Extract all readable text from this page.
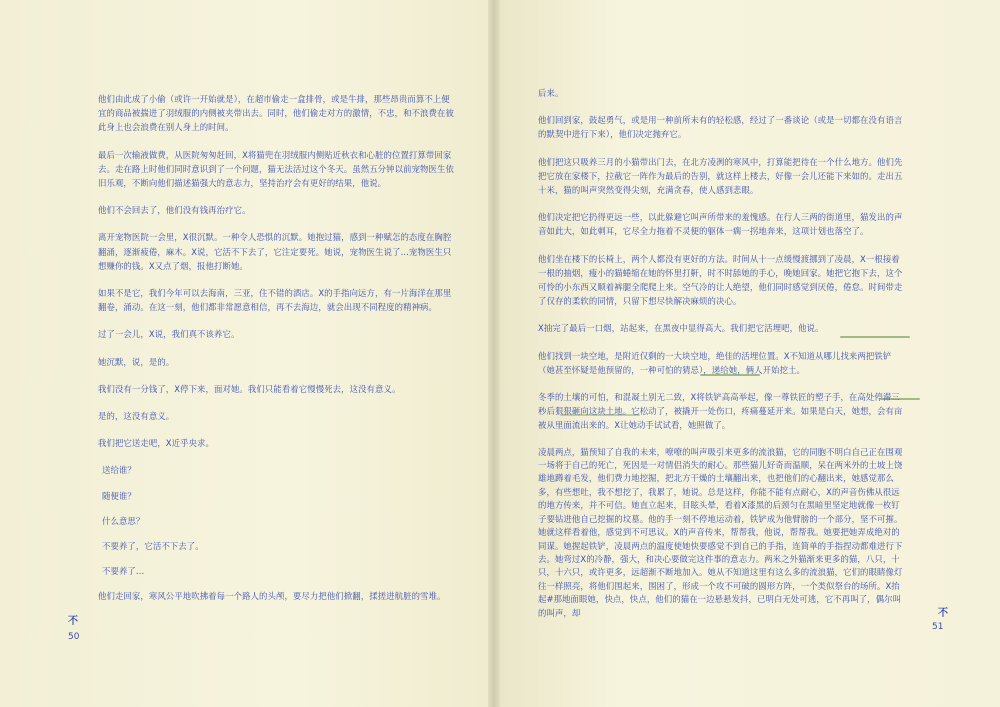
他们由此成了小偷（或许一开始就是），在超市偷走一盒排骨，或是牛排，那些昂贵而算不上便宜的商品被揣进了羽绒服的内侧被夹带出去。同时，他们偷走对方的激情，不忠，和不浪费在彼此身上也会浪费在别人身上的时间。

最后一次输液做费，从医院匆匆赶回，X将猫兜在羽绒服内侧贴近秋衣和心脏的位置打算带回家去。走在路上时他们同时意识到了一个问题，猫无法活过这个冬天。虽然五分钟以前宠物医生依旧乐观，不断向他们描述猫强大的意志力，坚持治疗会有更好的结果，他说。

他们不会回去了，他们没有钱再治疗它。

离开宠物医院一会里，X很沉默。一种令人恐惧的沉默。她抱过猫，感到一种赋怎的态度在胸腔翻涌，逐渐疲倦，麻木。X说，它活不下去了，它注定要死。她说，宠物医生说了…宠物医生只想赚你的钱。X又点了烟，报他打断她。

如果不是它，我们今年可以去海南，三亚，住不错的酒店。X的手指向远方，有一片海洋在那里翻卷，涌动。在这一刻，他们都非常愿意相信，再不去海边，就会出现不同程度的精神病。

过了一会儿，X说，我们真不该养它。

她沉默，说，是的。

我们没有一分钱了，X停下来，面对她。我们只能看着它慢慢死去，这没有意义。

是的，这没有意义。

我们把它送走吧，X近乎央求。

送给谁？

随便谁？

什么意思？

不要养了，它活不下去了。

不要养了…

他们走回家，寒风公平地吹拂着每一个路人的头颅，要尽力把他们掀翻，揉搓进航脏的雪堆。

不
50

后来。

他们回到家，鼓起勇气，或是用一种前所未有的轻松感，经过了一番谈论（或是一切都在没有语言的默契中进行下来），他们决定抛弃它。

他们把这只吸养三月的小猫带出门去，在北方凌冽的寒风中，打算能把待在一个什么地方。他们先把它放在家楼下，拉截它一阵作为最后的告别，就这样上楼去，好像一会儿还能下来如的。走出五十米，猫的叫声突然变得尖刻，充满贪春，使人感到悲眼。

他们决定把它扔得更远一些，以此躲避它叫声所带来的羞愧感。在行人三两的街道里，猫发出的声音如此大，如此刺耳，它尽全力拖着不灵便的躯体一瘸一拐地奔来，这项计划也落空了。

他们坐在楼下的长椅上，两个人都没有更好的方法。时间从十一点缓慢渡挪到了凌晨，X一根接着一根的抽烟，瘦小的猫蜷缩在她的怀里打鼾，时不时舔她的手心，晚她回家。她把它抱下去，这个可怜的小东西又顺着裤腿全爬爬上来。空气冷的让人绝望，他们同时感觉到厌倦，倦怠。时间带走了仅存的柔软的同情，只留下想尽快解决麻烦的决心。

X抽完了最后一口烟，站起来，在黑夜中显得高大。我们把它活埋吧，他说。

他们找到一块空地，是附近仅剩的一大块空地，绝佳的活埋位置。X不知道从哪儿找来两把铁铲（她甚至怀疑是他预留的，一种可怕的猜忌），递给她，俩人开始挖土。

冬季的土壤的可怕，和混凝土别无二致，X将铁铲高高举起，像一尊铁匠的塑子手，在高处停滞三秒后狠狠砸向这块土地。它松动了，被撬开一处伤口，疼痛蔓延开来。如果是白天，她想，会有亩被从里面流出来的。X让她动手试试看，她照做了。

凌晨两点，猫预知了自我的未来，嘹嘹的叫声吸引来更多的流浪猫，它的同胞不明白自己正在围观一场将于自己的死亡，死因是一对情侣消失的耐心。那些猫儿好奇而温顺，呆在两米外的土坡上饶雄地蹲着毛发，他们费力地挖掘，把北方干燥的土壤翻出来，也把他们的心翻出来，她感觉那么多，有些想吐，我不想挖了，我累了，她说。总是这样，你能不能有点耐心，X的声音伤佛从很远的地方传来，并不可信。她直立起来，目眩头晕，看着X漆黑的后颈匀在黑暗里坚定地就像一枚钉子要钻进他自己挖掘的坟墓。他的手一刻不停地运动着，铁铲成为他臂膀的一个部分，坚不可摧。她就这样看着他，感觉到不可思议。X的声音传来，帮帮我，他说，帮帮我。她要把她弄成绝对的同谋。她握起铁铲，凌晨两点的温度使她快要感觉不到自己的手指，连简单的手指捏动都难进行下去。她弯过X的冷静，强大，和决心要做完这件事的意志力。两米之外猫渐来更多的猫，八只，十只，十六只，或许更多，远超渐不断地加入。她从不知道这里有这么多的流浪猫，它们的眼睛像灯往一样照亮，将他们围起来，围困了，形成一个攻不可破的圆形方阵，一个类似祭台的场所。X抬起#那地面眼她，快点，快点，他们的猫在一边悬悬发抖，已明白无处可逃，它不再叫了，偶尔叫的叫声，却	不
51
